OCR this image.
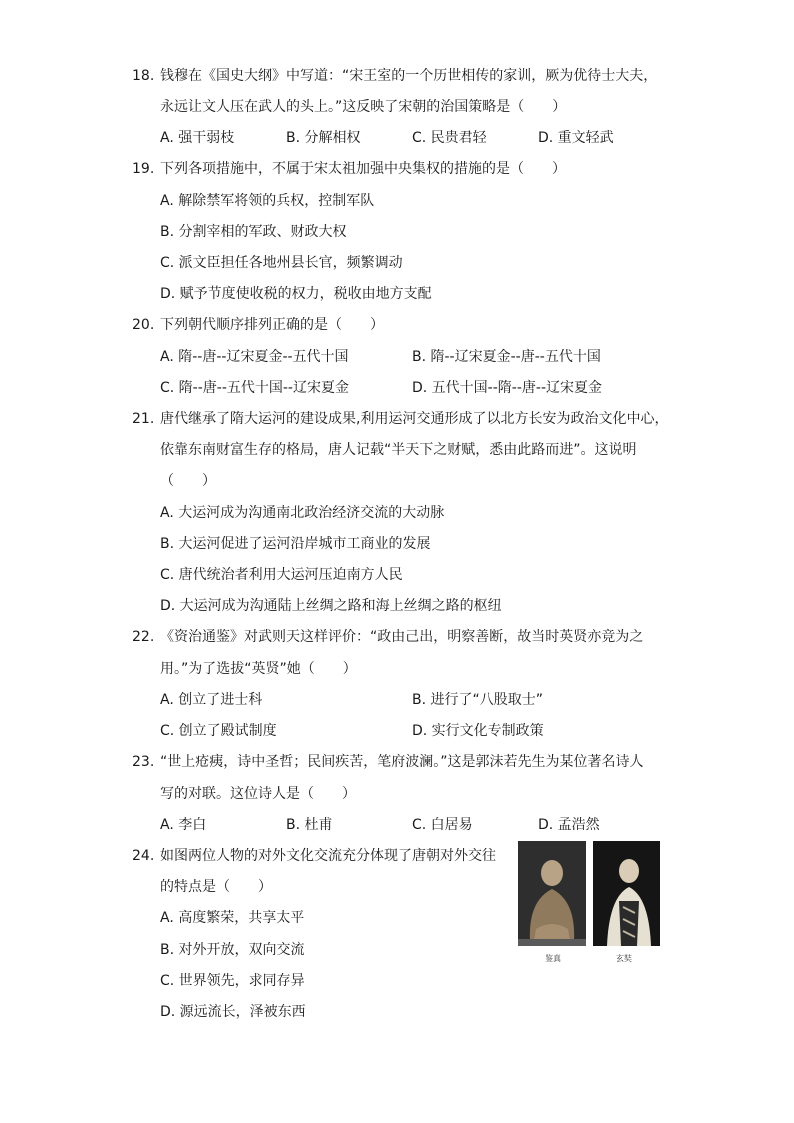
18. 钱穆在《国史大纲》中写道：“宋王室的一个历世相传的家训，厥为优待士大夫，
永远让文人压在武人的头上。”这反映了宋朝的治国策略是（　　）
A. 强干弱枝	B. 分解相权	C. 民贵君轻	D. 重文轻武
19. 下列各项措施中，不属于宋太祖加强中央集权的措施的是（　　）
A. 解除禁军将领的兵权，控制军队
B. 分割宰相的军政、财政大权
C. 派文臣担任各地州县长官，频繁调动
D. 赋予节度使收税的权力，税收由地方支配
20. 下列朝代顺序排列正确的是（　　）
A. 隋--唐--辽宋夏金--五代十国	B. 隋--辽宋夏金--唐--五代十国
C. 隋--唐--五代十国--辽宋夏金	D. 五代十国--隋--唐--辽宋夏金
21. 唐代继承了隋大运河的建设成果,利用运河交通形成了以北方长安为政治文化中心，
依靠东南财富生存的格局，唐人记载“半天下之财赋，悉由此路而进”。这说明
（　　）
A. 大运河成为沟通南北政治经济交流的大动脉
B. 大运河促进了运河沿岸城市工商业的发展
C. 唐代统治者利用大运河压迫南方人民
D. 大运河成为沟通陆上丝绸之路和海上丝绸之路的枢纽
22. 《资治通鉴》对武则天这样评价：“政由己出，明察善断，故当时英贤亦竞为之
用。”为了选拔“英贤”她（　　）
A. 创立了进士科	B. 进行了“八股取士”
C. 创立了殿试制度	D. 实行文化专制政策
23. “世上疮痍，诗中圣哲；民间疾苦，笔府波澜。”这是郭沫若先生为某位著名诗人
写的对联。这位诗人是（　　）
A. 李白	B. 杜甫	C. 白居易	D. 孟浩然
24. 如图两位人物的对外文化交流充分体现了唐朝对外交往
的特点是（　　）
A. 高度繁荣，共享太平
B. 对外开放，双向交流
C. 世界领先，求同存异
D. 源远流长，泽被东西
鉴真	玄奘
